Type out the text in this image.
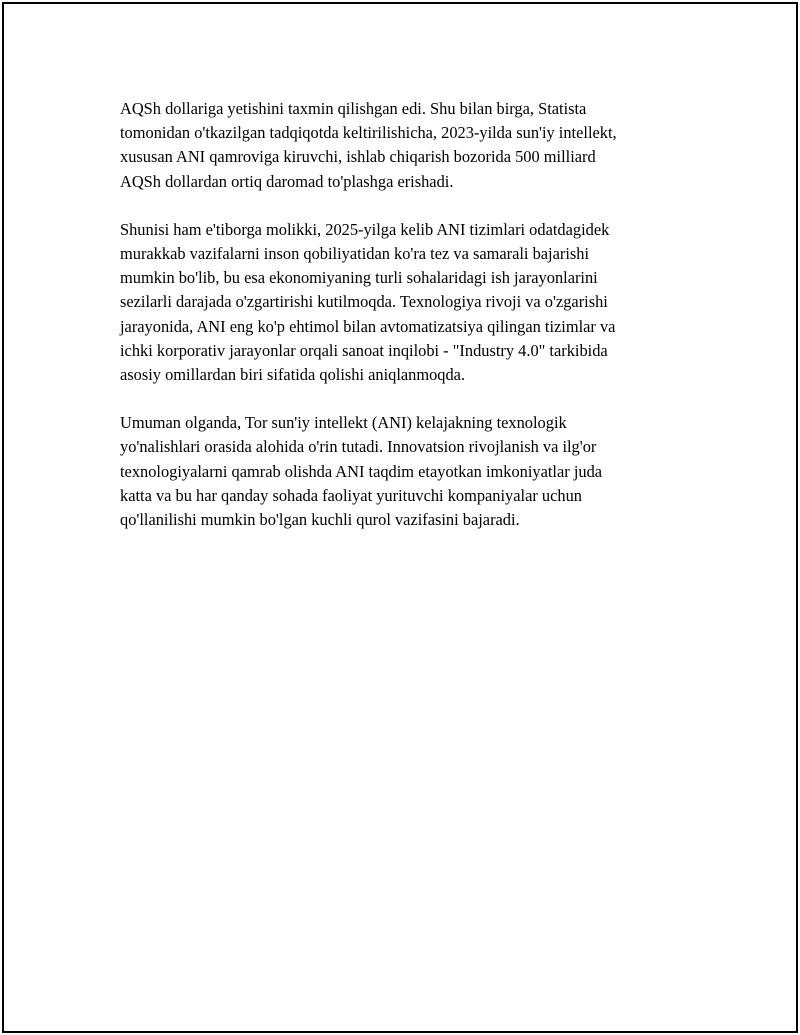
AQSh dollariga yetishini taxmin qilishgan edi. Shu bilan birga, Statista
tomonidan o'tkazilgan tadqiqotda keltirilishicha, 2023-yilda sun'iy intellekt,
xususan ANI qamroviga kiruvchi, ishlab chiqarish bozorida 500 milliard
AQSh dollardan ortiq daromad to'plashga erishadi.

Shunisi ham e'tiborga molikki, 2025-yilga kelib ANI tizimlari odatdagidek
murakkab vazifalarni inson qobiliyatidan ko'ra tez va samarali bajarishi
mumkin bo'lib, bu esa ekonomiyaning turli sohalaridagi ish jarayonlarini
sezilarli darajada o'zgartirishi kutilmoqda. Texnologiya rivoji va o'zgarishi
jarayonida, ANI eng ko'p ehtimol bilan avtomatizatsiya qilingan tizimlar va
ichki korporativ jarayonlar orqali sanoat inqilobi - "Industry 4.0" tarkibida
asosiy omillardan biri sifatida qolishi aniqlanmoqda.

Umuman olganda, Tor sun'iy intellekt (ANI) kelajakning texnologik
yo'nalishlari orasida alohida o'rin tutadi. Innovatsion rivojlanish va ilg'or
texnologiyalarni qamrab olishda ANI taqdim etayotkan imkoniyatlar juda
katta va bu har qanday sohada faoliyat yurituvchi kompaniyalar uchun
qo'llanilishi mumkin bo'lgan kuchli qurol vazifasini bajaradi.
